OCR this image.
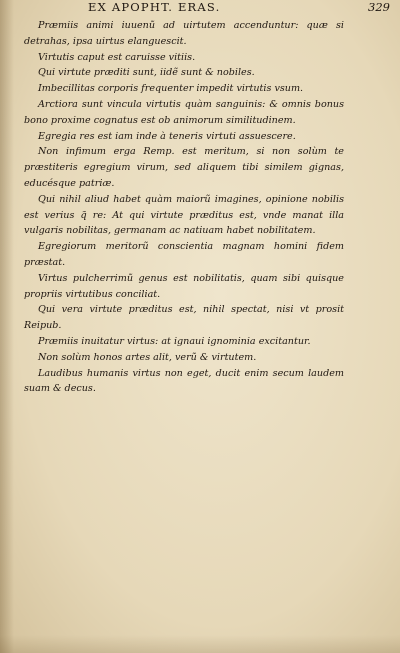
EX APOPHT. ERAS.	329

Præmiis animi iuuenũ ad uirtutem accenduntur: quæ si detrahas, ipsa uirtus elanguescit.

Virtutis caput est caruisse vitiis.

Qui virtute præditi sunt, iidẽ sunt & nobiles.

Imbecillitas corporis frequenter impedit virtutis vsum.

Arctiora sunt vincula virtutis quàm sanguinis: & omnis bonus bono proxime cognatus est ob animorum similitudinem.

Egregia res est iam inde à teneris virtuti assuescere.

Non infimum erga Remp. est meritum, si non solùm te præstiteris egregium virum, sed aliquem tibi similem gignas, educésque patriæ.

Qui nihil aliud habet quàm maiorũ imagines, opinione nobilis est verius q̃ re: At qui virtute præditus est, vnde manat illa vulgaris nobilitas, germanam ac natiuam habet nobilitatem.

Egregiorum meritorũ conscientia magnam homini fidem præstat.

Virtus pulcherrimũ genus est nobilitatis, quam sibi quisque propriis virtutibus conciliat.

Qui vera virtute præditus est, nihil spectat, nisi vt prosit Reipub.

Præmiis inuitatur virtus: at ignaui ignominia excitantur.

Non solùm honos artes alit, verũ & virtutem.

Laudibus humanis virtus non eget, ducit enim secum laudem suam & decus.
